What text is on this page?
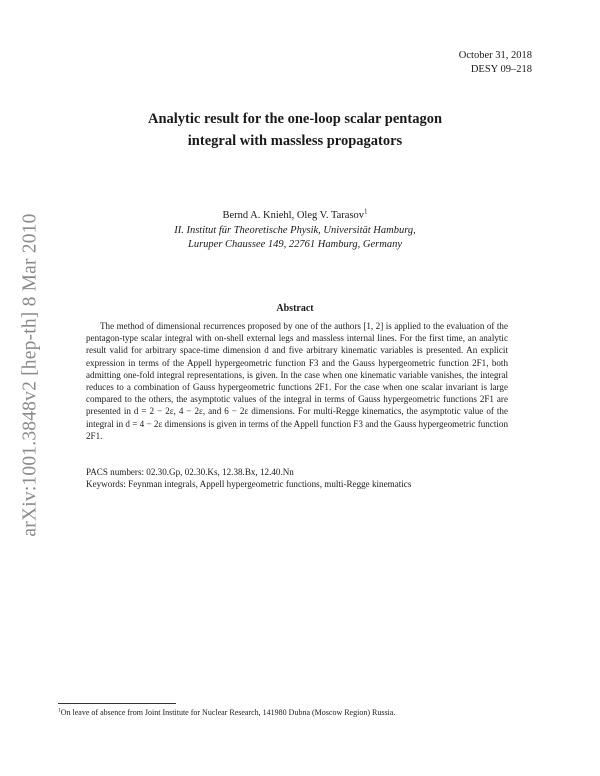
arXiv:1001.3848v2 [hep-th] 8 Mar 2010
October 31, 2018
DESY 09–218
Analytic result for the one-loop scalar pentagon
integral with massless propagators
Bernd A. Kniehl, Oleg V. Tarasov$^1$
II. Institut für Theoretische Physik, Universität Hamburg,
Luruper Chaussee 149, 22761 Hamburg, Germany
Abstract

The method of dimensional recurrences proposed by one of the authors [1, 2] is applied to the evaluation of the pentagon-type scalar integral with on-shell external legs and massless internal lines. For the first time, an analytic result valid for arbitrary space-time dimension d and five arbitrary kinematic variables is presented. An explicit expression in terms of the Appell hypergeometric function F3 and the Gauss hypergeometric function 2F1, both admitting one-fold integral representations, is given. In the case when one kinematic variable vanishes, the integral reduces to a combination of Gauss hypergeometric functions 2F1. For the case when one scalar invariant is large compared to the others, the asymptotic values of the integral in terms of Gauss hypergeometric functions 2F1 are presented in d = 2 − 2ε, 4 − 2ε, and 6 − 2ε dimensions. For multi-Regge kinematics, the asymptotic value of the integral in d = 4 − 2ε dimensions is given in terms of the Appell function F3 and the Gauss hypergeometric function 2F1.

PACS numbers: 02.30.Gp, 02.30.Ks, 12.38.Bx, 12.40.Nn
Keywords: Feynman integrals, Appell hypergeometric functions, multi-Regge kinematics
$^1$On leave of absence from Joint Institute for Nuclear Research, 141980 Dubna (Moscow Region) Russia.
